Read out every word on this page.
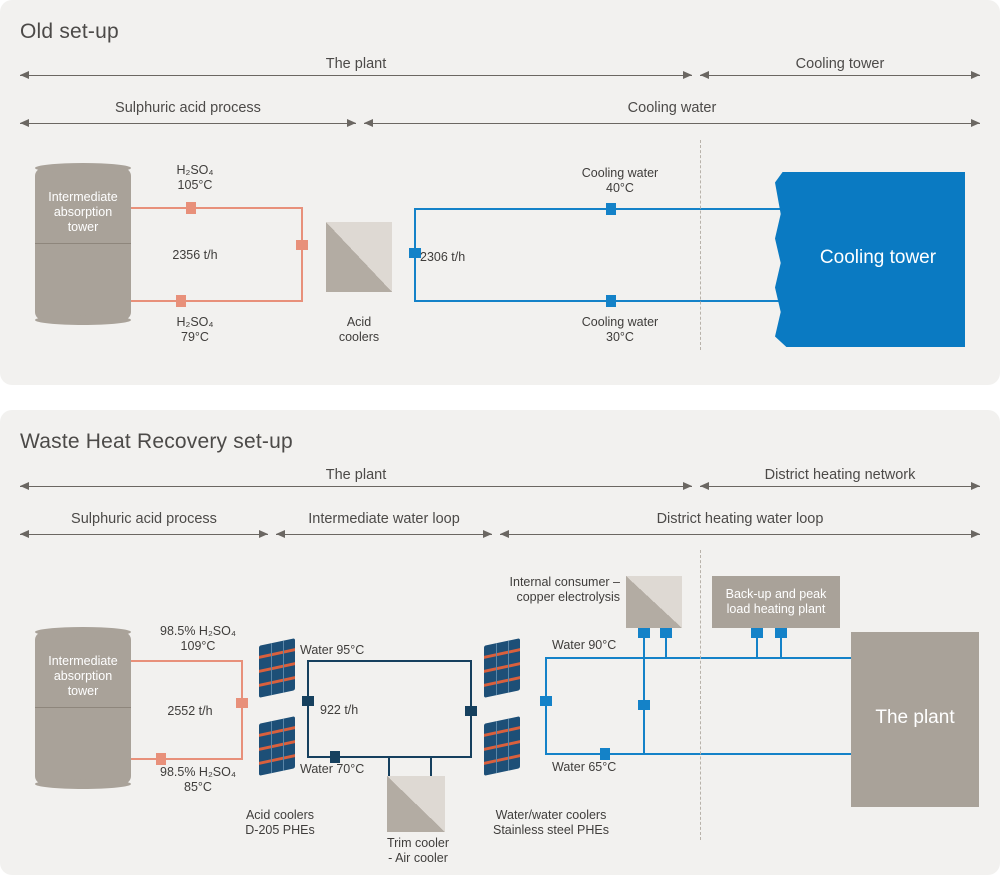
Old set-up
The plant	Cooling tower
Sulphuric acid process	Cooling water
Intermediate
absorption
tower
H₂SO₄
105°C
2356 t/h
H₂SO₄
79°C
Acid
coolers
Cooling water
40°C
2306 t/h
Cooling water
30°C
Cooling tower
Waste Heat Recovery set-up
The plant	District heating network
Sulphuric acid process	Intermediate water loop	District heating water loop
Intermediate
absorption
tower
98.5% H₂SO₄
109°C
2552 t/h
98.5% H₂SO₄
85°C
Acid coolers
D-205 PHEs
Water 95°C
922 t/h
Water 70°C
Trim cooler
- Air cooler
Water/water coolers
Stainless steel PHEs
Internal consumer –
copper electrolysis	Back-up and peak
load heating plant
Water 90°C
Water 65°C
The plant
